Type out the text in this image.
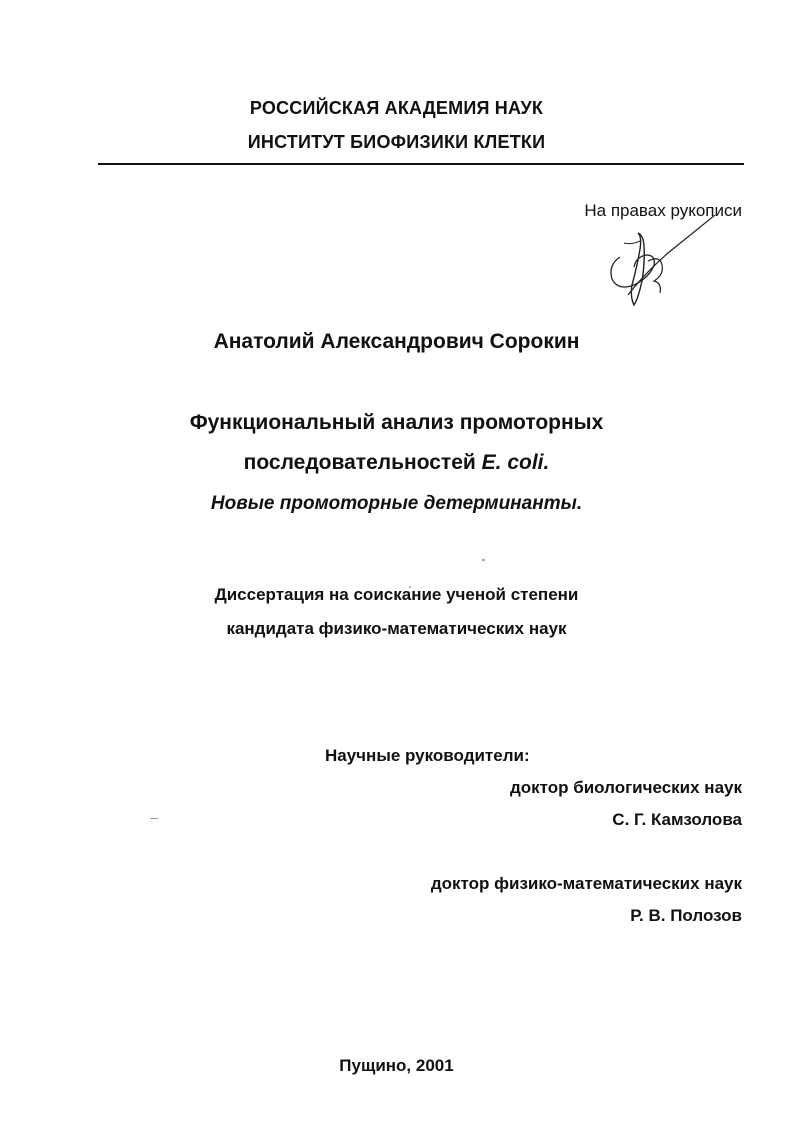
РОССИЙСКАЯ АКАДЕМИЯ НАУК

ИНСТИТУТ БИОФИЗИКИ КЛЕТКИ

На правах рукописи

Анатолий Александрович Сорокин

Функциональный анализ промоторных

последовательностей E. coli.

Новые промоторные детерминанты.

Диссертация на соискание ученой степени

кандидата физико-математических наук

Научные руководители:

доктор биологических наук

С. Г. Камзолова

доктор физико-математических наук

Р. В. Полозов

Пущино, 2001
